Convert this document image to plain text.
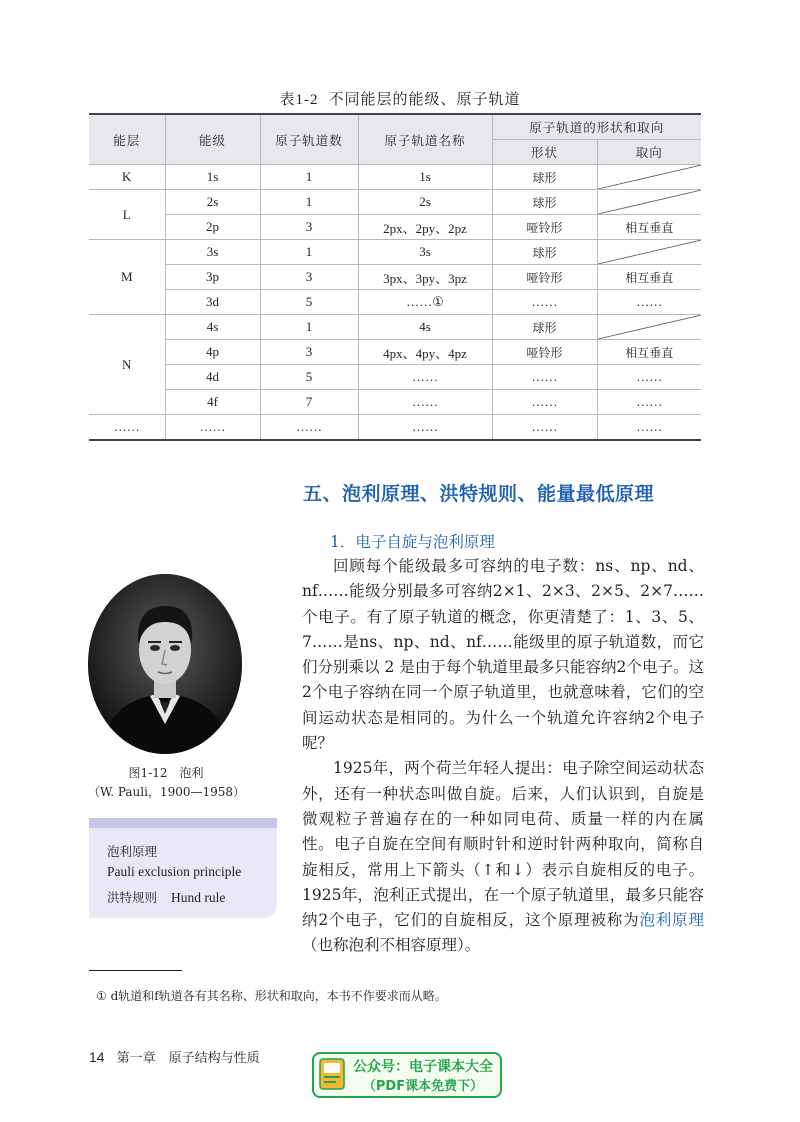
表1-2 不同能层的能级、原子轨道
能层	能级	原子轨道数	原子轨道名称	原子轨道的形状和取向	
				形状	取向
K	1s	1	1s	球形	

L	2s	1	2s	球形	

	2p	3	2px、2py、2pz	哑铃形	相互垂直
M	3s	1	3s	球形	

	3p	3	3px、3py、3pz	哑铃形	相互垂直
	3d	5	……①	……	……
N	4s	1	4s	球形	

	4p	3	4px、4py、4pz	哑铃形	相互垂直
	4d	5	……	……	……
	4f	7	……	……	……
……	……	……	……	……	……
五、泡利原理、洪特规则、能量最低原理
1．电子自旋与泡利原理

回顾每个能级最多可容纳的电子数：ns、np、nd、nf……能级分别最多可容纳2×1、2×3、2×5、2×7……个电子。有了原子轨道的概念，你更清楚了：1、3、5、7……是ns、np、nd、nf……能级里的原子轨道数，而它们分别乘以 2 是由于每个轨道里最多只能容纳2个电子。这2个电子容纳在同一个原子轨道里，也就意味着，它们的空间运动状态是相同的。为什么一个轨道允许容纳2个电子呢？

1925年，两个荷兰年轻人提出：电子除空间运动状态外，还有一种状态叫做自旋。后来，人们认识到，自旋是微观粒子普遍存在的一种如同电荷、质量一样的内在属性。电子自旋在空间有顺时针和逆时针两种取向，简称自旋相反，常用上下箭头（↑和↓）表示自旋相反的电子。1925年，泡利正式提出，在一个原子轨道里，最多只能容纳2个电子，它们的自旋相反，这个原理被称为泡利原理（也称泡利不相容原理）。

图1-12　泡利
（W. Pauli，1900—1958）
泡利原理
Pauli exclusion principle
洪特规则 Hund rule
① d轨道和f轨道各有其名称、形状和取向，本书不作要求而从略。
14 第一章　原子结构与性质
公众号：电子课本大全
（PDF课本免费下）
